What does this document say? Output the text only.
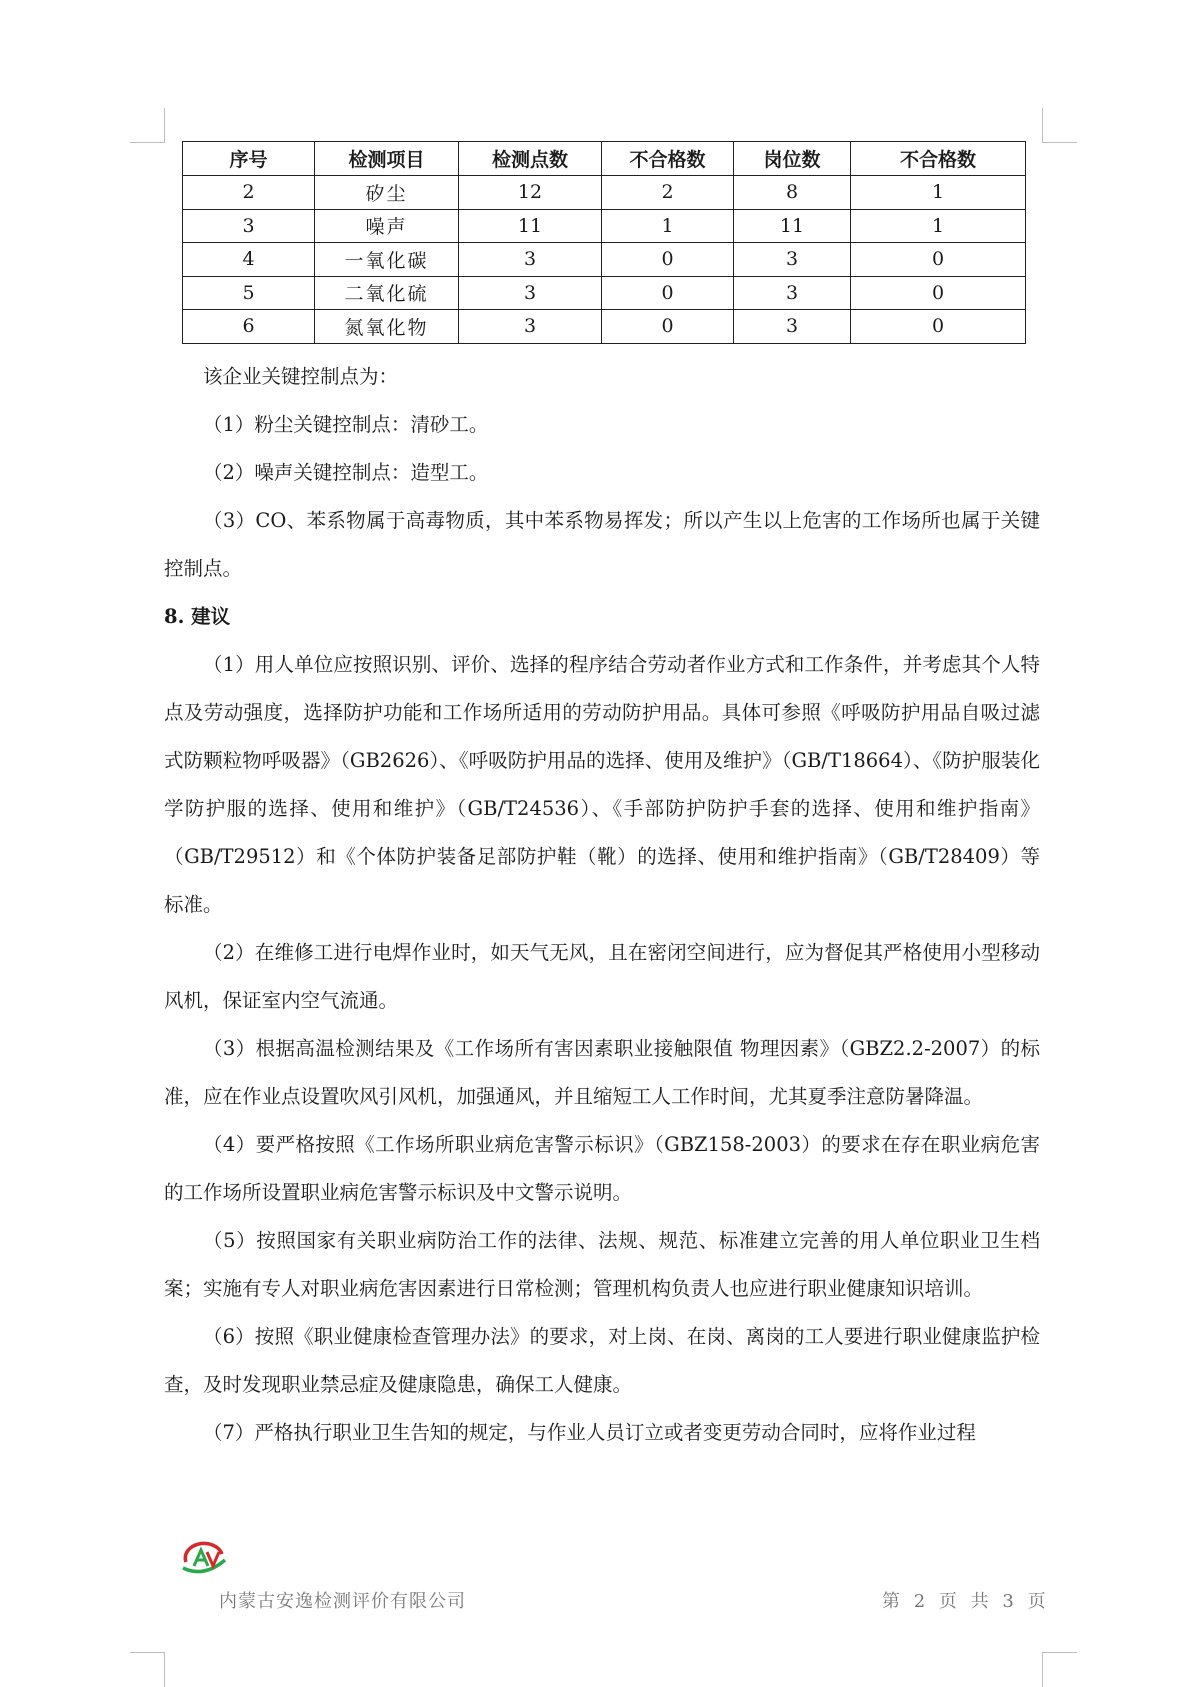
序号	检测项目	检测点数	不合格数	岗位数	不合格数
2	矽尘	12	2	8	1
3	噪声	11	1	11	1
4	一氧化碳	3	0	3	0
5	二氧化硫	3	0	3	0
6	氮氧化物	3	0	3	0

该企业关键控制点为：

（1）粉尘关键控制点：清砂工。

（2）噪声关键控制点：造型工。

（3）CO、苯系物属于高毒物质，其中苯系物易挥发；所以产生以上危害的工作场所也属于关键控制点。

8. 建议

（1）用人单位应按照识别、评价、选择的程序结合劳动者作业方式和工作条件，并考虑其个人特点及劳动强度，选择防护功能和工作场所适用的劳动防护用品。具体可参照《呼吸防护用品自吸过滤式防颗粒物呼吸器》（GB2626）、《呼吸防护用品的选择、使用及维护》（GB/T18664）、《防护服装化学防护服的选择、使用和维护》（GB/T24536）、《手部防护防护手套的选择、使用和维护指南》（GB/T29512）和《个体防护装备足部防护鞋（靴）的选择、使用和维护指南》（GB/T28409）等标准。

（2）在维修工进行电焊作业时，如天气无风，且在密闭空间进行，应为督促其严格使用小型移动风机，保证室内空气流通。

（3）根据高温检测结果及《工作场所有害因素职业接触限值 物理因素》（GBZ2.2-2007）的标准，应在作业点设置吹风引风机，加强通风，并且缩短工人工作时间，尤其夏季注意防暑降温。

（4）要严格按照《工作场所职业病危害警示标识》（GBZ158-2003）的要求在存在职业病危害的工作场所设置职业病危害警示标识及中文警示说明。

（5）按照国家有关职业病防治工作的法律、法规、规范、标准建立完善的用人单位职业卫生档案；实施有专人对职业病危害因素进行日常检测；管理机构负责人也应进行职业健康知识培训。

（6）按照《职业健康检查管理办法》的要求，对上岗、在岗、离岗的工人要进行职业健康监护检查，及时发现职业禁忌症及健康隐患，确保工人健康。

（7）严格执行职业卫生告知的规定，与作业人员订立或者变更劳动合同时，应将作业过程

内蒙古安逸检测评价有限公司	第 2 页 共 3 页
